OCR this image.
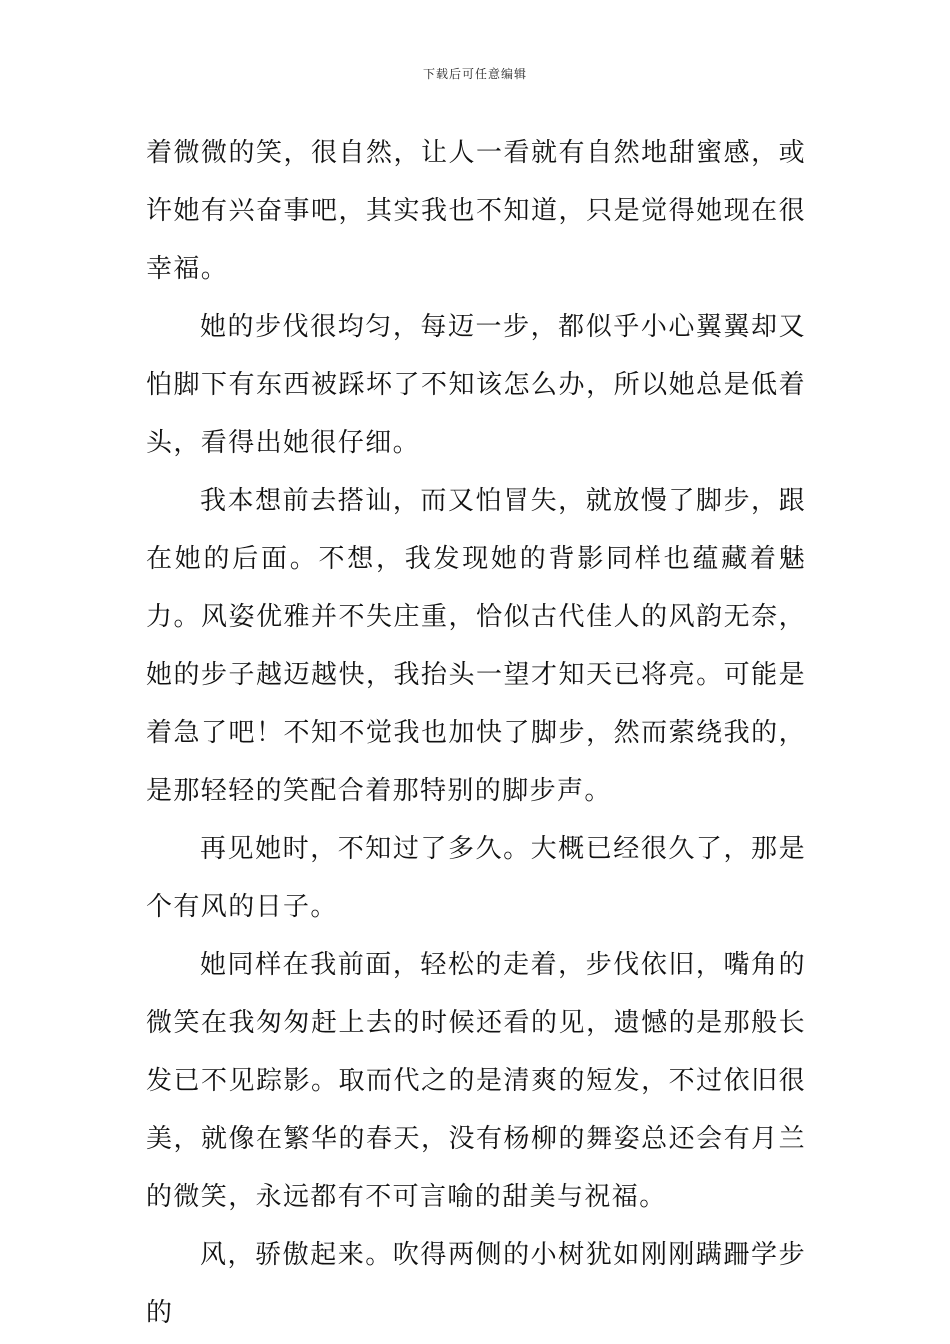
下载后可任意编辑

着微微的笑，很自然，让人一看就有自然地甜蜜感，或许她有兴奋事吧，其实我也不知道，只是觉得她现在很幸福。

她的步伐很均匀，每迈一步，都似乎小心翼翼却又怕脚下有东西被踩坏了不知该怎么办，所以她总是低着头，看得出她很仔细。

我本想前去搭讪，而又怕冒失，就放慢了脚步，跟在她的后面。不想，我发现她的背影同样也蕴藏着魅力。风姿优雅并不失庄重，恰似古代佳人的风韵无奈，她的步子越迈越快，我抬头一望才知天已将亮。可能是着急了吧！不知不觉我也加快了脚步，然而萦绕我的，是那轻轻的笑配合着那特别的脚步声。

再见她时，不知过了多久。大概已经很久了，那是个有风的日子。

她同样在我前面，轻松的走着，步伐依旧，嘴角的微笑在我匆匆赶上去的时候还看的见，遗憾的是那般长发已不见踪影。取而代之的是清爽的短发，不过依旧很美，就像在繁华的春天，没有杨柳的舞姿总还会有月兰的微笑，永远都有不可言喻的甜美与祝福。

风，骄傲起来。吹得两侧的小树犹如刚刚蹒跚学步的
